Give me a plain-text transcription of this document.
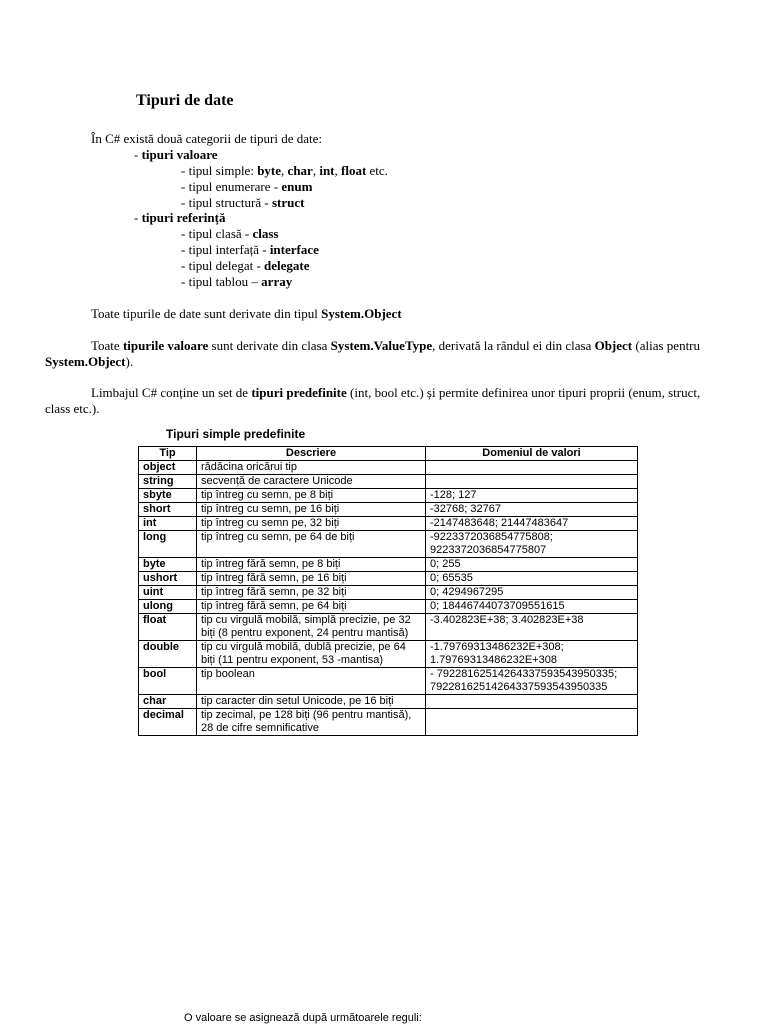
Tipuri de date
În C# există două categorii de tipuri de date:
- tipuri valoare
- tipul simple: byte, char, int, float etc.
- tipul enumerare - enum
- tipul structură - struct
- tipuri referință
- tipul clasă - class
- tipul interfață - interface
- tipul delegat - delegate
- tipul tablou – array
Toate tipurile de date sunt derivate din tipul System.Object
Toate tipurile valoare sunt derivate din clasa System.ValueType, derivată la rândul ei din clasa Object (alias pentru System.Object).
Limbajul C# conține un set de tipuri predefinite (int, bool etc.) și permite definirea unor tipuri proprii (enum, struct, class etc.).
Tipuri simple predefinite
Tip	Descriere	Domeniul de valori
object	rădăcina oricărui tip	
string	secvență de caractere Unicode	
sbyte	tip întreg cu semn, pe 8 biți	-128; 127
short	tip întreg cu semn, pe 16 biți	-32768; 32767
int	tip întreg cu semn pe, 32 biți	-2147483648; 21447483647
long	tip întreg cu semn, pe 64 de biți	-9223372036854775808; 9223372036854775807
byte	tip întreg fără semn, pe 8 biți	0; 255
ushort	tip întreg fără semn, pe 16 biți	0; 65535
uint	tip întreg fără semn, pe 32 biți	0; 4294967295
ulong	tip întreg fără semn, pe 64 biți	0; 18446744073709551615
float	tip cu virgulă mobilă, simplă precizie, pe 32 biți (8 pentru exponent, 24 pentru mantisă)	-3.402823E+38; 3.402823E+38
double	tip cu virgulă mobilă, dublă precizie, pe 64 biți (11 pentru exponent, 53 -mantisa)	-1.79769313486232E+308; 1.79769313486232E+308
bool	tip boolean	- 79228162514264337593543950335; 79228162514264337593543950335
char	tip caracter din setul Unicode, pe 16 biți	
decimal	tip zecimal, pe 128 biți (96 pentru mantisă), 28 de cifre semnificative	
O valoare se asignează după următoarele reguli:
